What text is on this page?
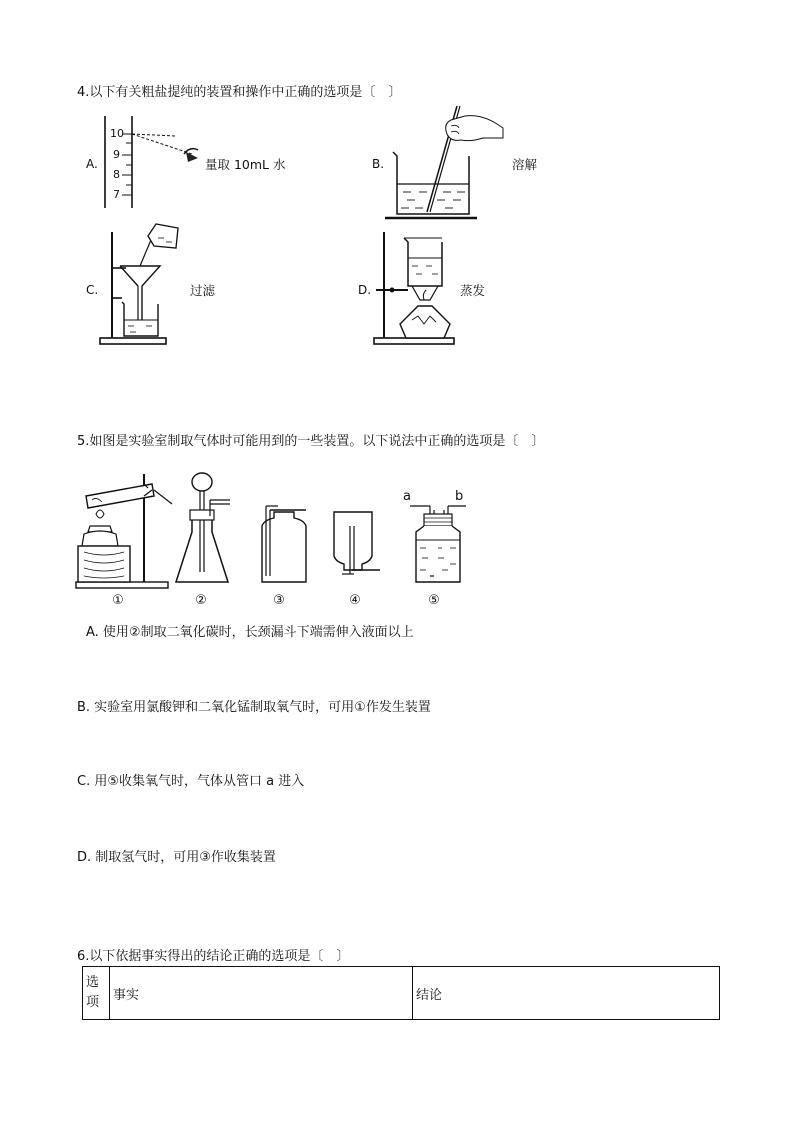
4.以下有关粗盐提纯的装置和操作中正确的选项是〔　〕
A.
10
9
8
7
量取 10mL 水	B.	溶解
C.	过滤	D.	蒸发
5.如图是实验室制取气体时可能用到的一些装置。以下说法中正确的选项是〔　〕
a	b
①	②	③	④	⑤
A. 使用②制取二氧化碳时，长颈漏斗下端需伸入液面以上
B. 实验室用氯酸钾和二氧化锰制取氧气时，可用①作发生装置
C. 用⑤收集氧气时，气体从管口 a 进入
D. 制取氢气时，可用③作收集装置
6.以下依据事实得出的结论正确的选项是〔　〕
选
项	事实	结论
